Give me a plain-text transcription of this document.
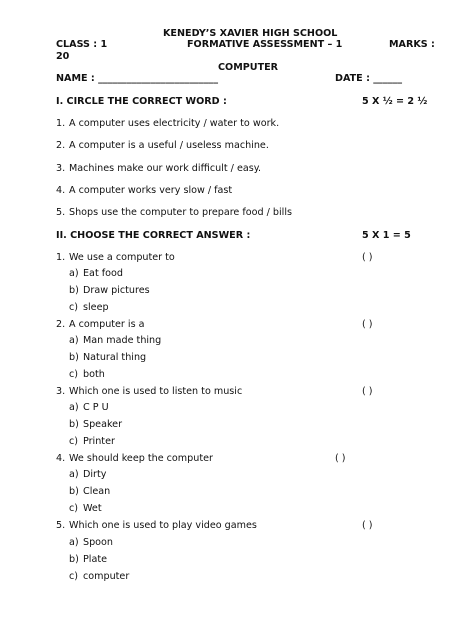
KENEDY’S XAVIER HIGH SCHOOL
CLASS : 1	FORMATIVE ASSESSMENT – 1	MARKS :
20
COMPUTER
NAME : _________________________	DATE : ______
I. CIRCLE THE CORRECT WORD :	5 X ½ = 2 ½
1. A computer uses electricity / water to work.
2. A computer is a useful / useless machine.
3. Machines make our work difficult / easy.
4. A computer works very slow / fast
5. Shops use the computer to prepare food / bills
II. CHOOSE THE CORRECT ANSWER :	5 X 1 = 5
1. We use a computer to	( )
a) Eat food
b) Draw pictures
c) sleep
2. A computer is a	( )
a) Man made thing
b) Natural thing
c) both
3. Which one is used to listen to music	( )
a) C P U
b) Speaker
c) Printer
4. We should keep the computer	( )
a) Dirty
b) Clean
c) Wet
5. Which one is used to play video games	( )
a) Spoon
b) Plate
c) computer
